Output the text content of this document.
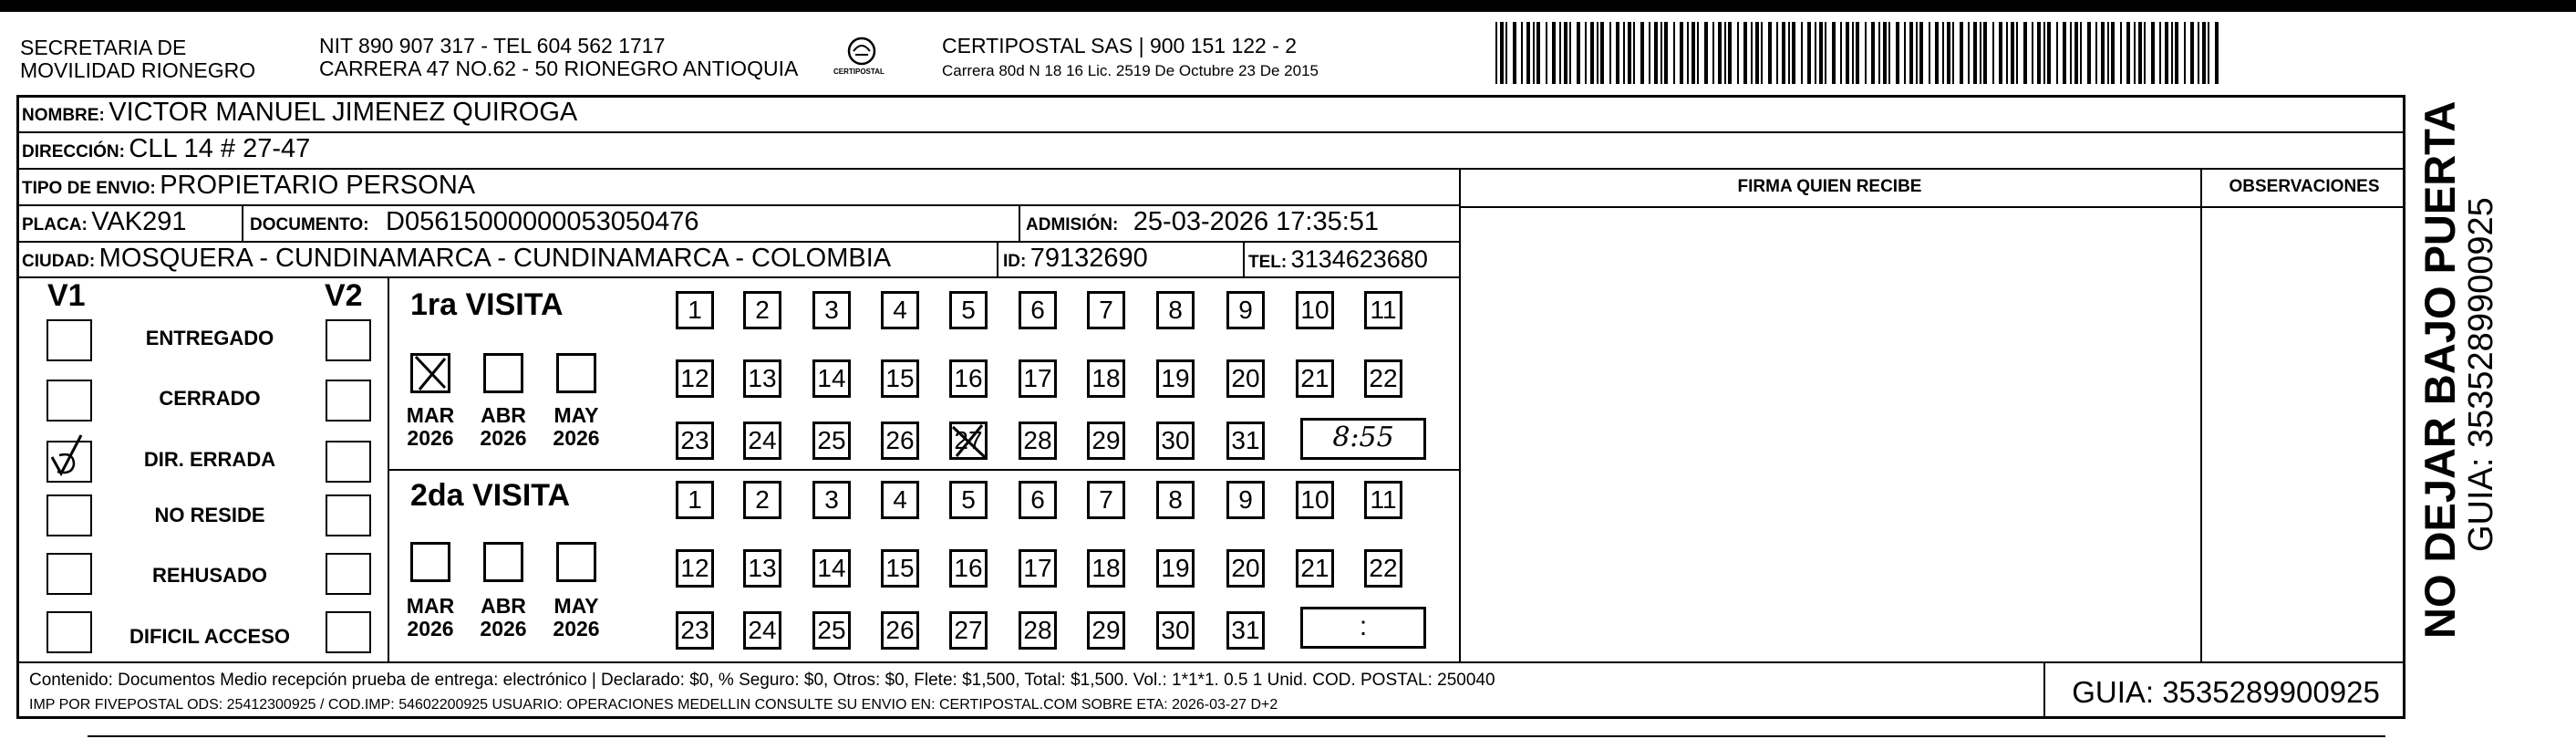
SECRETARIA DE
MOVILIDAD RIONEGRO
NIT 890 907 317 - TEL 604 562 1717
CARRERA 47 NO.62 - 50 RIONEGRO ANTIOQUIA	CERTIPOSTAL
CERTIPOSTAL SAS | 900 151 122 - 2
Carrera 80d N 18 16 Lic. 2519 De Octubre 23 De 2015
NOMBRE: VICTOR MANUEL JIMENEZ QUIROGA
DIRECCIÓN: CLL 14 # 27-47
TIPO DE ENVIO: PROPIETARIO PERSONA
PLACA: VAK291	DOCUMENTO: D05615000000053050476	ADMISIÓN: 25-03-2026 17:35:51
CIUDAD: MOSQUERA - CUNDINAMARCA - CUNDINAMARCA - COLOMBIA	ID: 79132690	TEL: 3134623680
FIRMA QUIEN RECIBE	OBSERVACIONES
V1	V2
ENTREGADO
CERRADO
DIR. ERRADA
NO RESIDE
REHUSADO
DIFICIL ACCESO
1ra VISITA
MAR
2026
ABR
2026
MAY
2026
1	2	3	4	5	6	7	8	9	10 11
12 13 14 15 16 17 18 19 20 21 22
23 24 25 26 27 28 29 30 31	8:55
2da VISITA
MAR
2026
ABR
2026
MAY
2026
1	2	3	4	5	6	7	8	9	10 11
12 13 14 15 16 17 18 19 20 21 22
23 24 25 26 27 28 29 30 31	:
Contenido: Documentos Medio recepción prueba de entrega: electrónico | Declarado: $0, % Seguro: $0, Otros: $0, Flete: $1,500, Total: $1,500. Vol.: 1*1*1. 0.5 1 Unid. COD. POSTAL: 250040
IMP POR FIVEPOSTAL ODS: 25412300925 / COD.IMP: 54602200925 USUARIO: OPERACIONES MEDELLIN CONSULTE SU ENVIO EN: CERTIPOSTAL.COM SOBRE ETA: 2026-03-27 D+2	GUIA: 3535289900925
NO DEJAR BAJO PUERTA
GUIA: 3535289900925
